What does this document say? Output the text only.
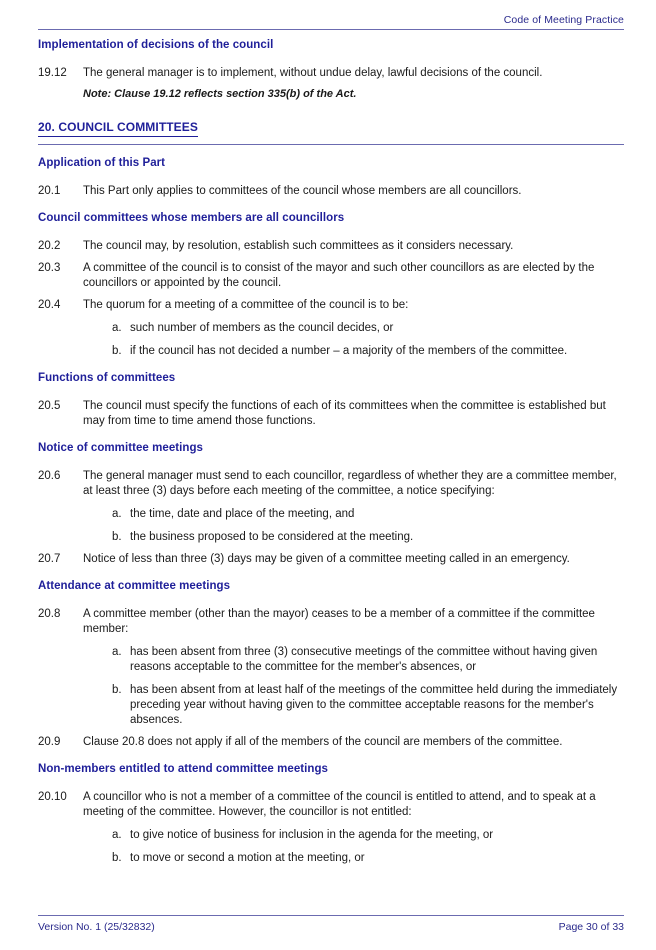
Code of Meeting Practice
Implementation of decisions of the council
19.12	The general manager is to implement, without undue delay, lawful decisions of the council.
Note: Clause 19.12 reflects section 335(b) of the Act.
20. COUNCIL COMMITTEES
Application of this Part
20.1	This Part only applies to committees of the council whose members are all councillors.
Council committees whose members are all councillors
20.2	The council may, by resolution, establish such committees as it considers necessary.
20.3	A committee of the council is to consist of the mayor and such other councillors as are elected by the councillors or appointed by the council.
20.4	The quorum for a meeting of a committee of the council is to be:
a. such number of members as the council decides, or
b. if the council has not decided a number – a majority of the members of the committee.
Functions of committees
20.5	The council must specify the functions of each of its committees when the committee is established but may from time to time amend those functions.
Notice of committee meetings
20.6	The general manager must send to each councillor, regardless of whether they are a committee member, at least three (3) days before each meeting of the committee, a notice specifying:
a. the time, date and place of the meeting, and
b. the business proposed to be considered at the meeting.
20.7	Notice of less than three (3) days may be given of a committee meeting called in an emergency.
Attendance at committee meetings
20.8	A committee member (other than the mayor) ceases to be a member of a committee if the committee member:
a. has been absent from three (3) consecutive meetings of the committee without having given reasons acceptable to the committee for the member's absences, or
b. has been absent from at least half of the meetings of the committee held during the immediately preceding year without having given to the committee acceptable reasons for the member's absences.
20.9	Clause 20.8 does not apply if all of the members of the council are members of the committee.
Non-members entitled to attend committee meetings
20.10	A councillor who is not a member of a committee of the council is entitled to attend, and to speak at a meeting of the committee. However, the councillor is not entitled:
a. to give notice of business for inclusion in the agenda for the meeting, or
b. to move or second a motion at the meeting, or
Version No. 1 (25/32832)	Page 30 of 33
